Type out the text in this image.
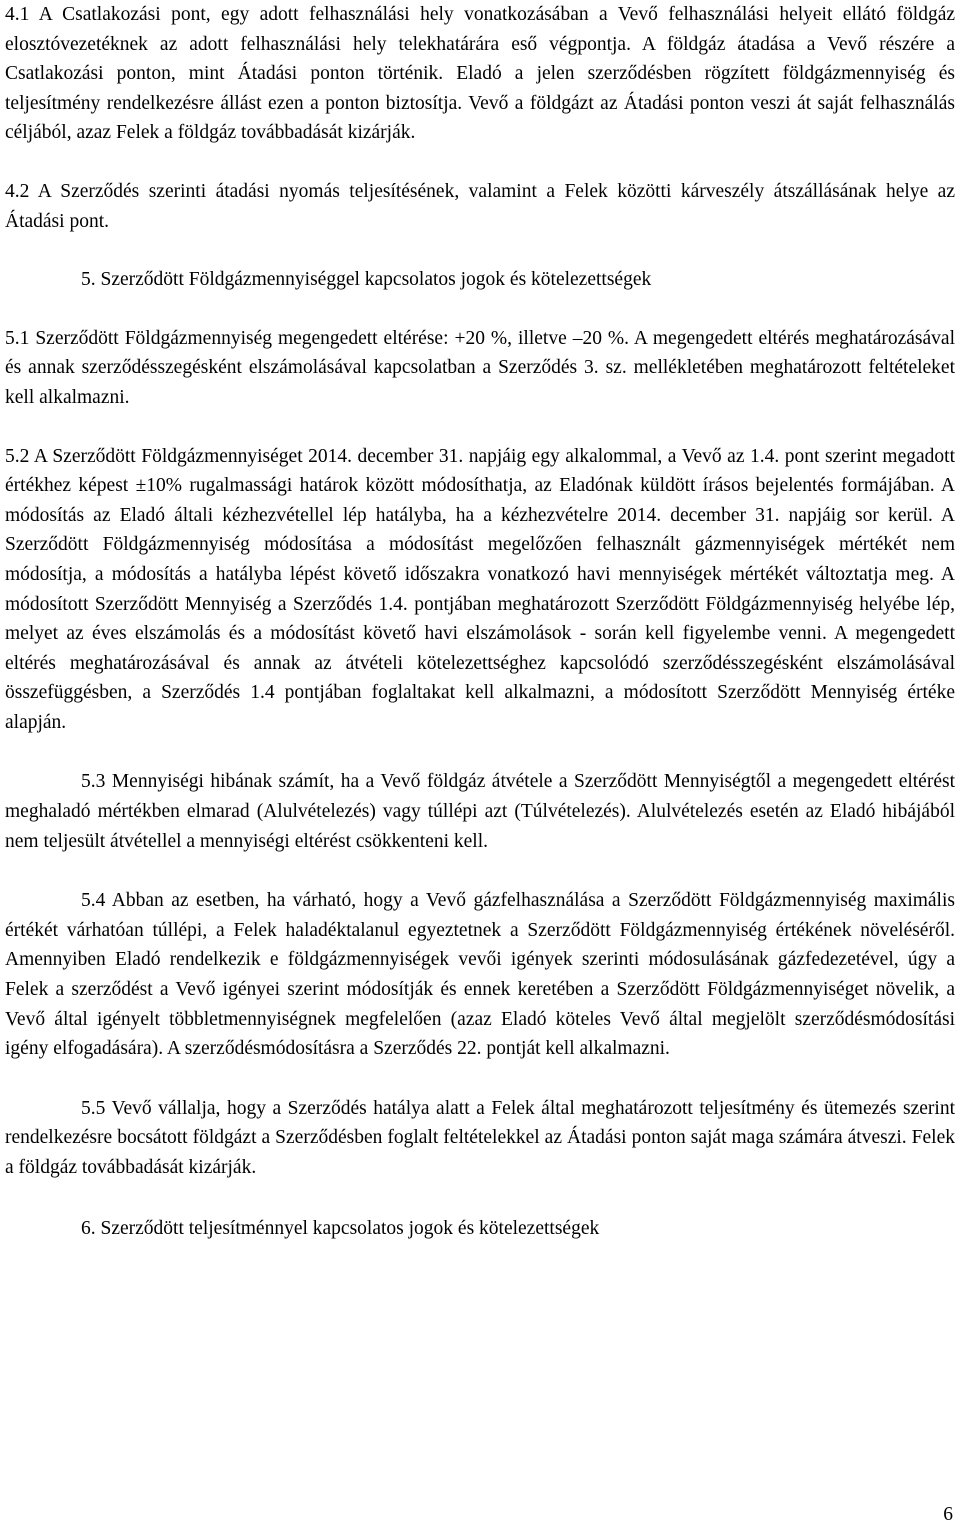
4.1 A Csatlakozási pont, egy adott felhasználási hely vonatkozásában a Vevő felhasználási helyeit ellátó földgáz elosztóvezetéknek az adott felhasználási hely telekhatárára eső végpontja. A földgáz átadása a Vevő részére a Csatlakozási ponton, mint Átadási ponton történik. Eladó a jelen szerződésben rögzített földgázmennyiség és teljesítmény rendelkezésre állást ezen a ponton biztosítja. Vevő a földgázt az Átadási ponton veszi át saját felhasználás céljából, azaz Felek a földgáz továbbadását kizárják.

4.2 A Szerződés szerinti átadási nyomás teljesítésének, valamint a Felek közötti kárveszély átszállásának helye az Átadási pont.

5. Szerződött Földgázmennyiséggel kapcsolatos jogok és kötelezettségek

5.1 Szerződött Földgázmennyiség megengedett eltérése: +20 %, illetve –20 %. A megengedett eltérés meghatározásával és annak szerződésszegésként elszámolásával kapcsolatban a Szerződés 3. sz. mellékletében meghatározott feltételeket kell alkalmazni.

5.2 A Szerződött Földgázmennyiséget 2014. december 31. napjáig egy alkalommal, a Vevő az 1.4. pont szerint megadott értékhez képest ±10% rugalmassági határok között módosíthatja, az Eladónak küldött írásos bejelentés formájában. A módosítás az Eladó általi kézhezvétellel lép hatályba, ha a kézhezvételre 2014. december 31. napjáig sor kerül. A Szerződött Földgázmennyiség módosítása a módosítást megelőzően felhasznált gázmennyiségek mértékét nem módosítja, a módosítás a hatályba lépést követő időszakra vonatkozó havi mennyiségek mértékét változtatja meg. A módosított Szerződött Mennyiség a Szerződés 1.4. pontjában meghatározott Szerződött Földgázmennyiség helyébe lép, melyet az éves elszámolás és a módosítást követő havi elszámolások - során kell figyelembe venni. A megengedett eltérés meghatározásával és annak az átvételi kötelezettséghez kapcsolódó szerződésszegésként elszámolásával összefüggésben, a Szerződés 1.4 pontjában foglaltakat kell alkalmazni, a módosított Szerződött Mennyiség értéke alapján.

5.3 Mennyiségi hibának számít, ha a Vevő földgáz átvétele a Szerződött Mennyiségtől a megengedett eltérést meghaladó mértékben elmarad (Alulvételezés) vagy túllépi azt (Túlvételezés). Alulvételezés esetén az Eladó hibájából nem teljesült átvétellel a mennyiségi eltérést csökkenteni kell.

5.4 Abban az esetben, ha várható, hogy a Vevő gázfelhasználása a Szerződött Földgázmennyiség maximális értékét várhatóan túllépi, a Felek haladéktalanul egyeztetnek a Szerződött Földgázmennyiség értékének növeléséről. Amennyiben Eladó rendelkezik e földgázmennyiségek vevői igények szerinti módosulásának gázfedezetével, úgy a Felek a szerződést a Vevő igényei szerint módosítják és ennek keretében a Szerződött Földgázmennyiséget növelik, a Vevő által igényelt többletmennyiségnek megfelelően (azaz Eladó köteles Vevő által megjelölt szerződésmódosítási igény elfogadására). A szerződésmódosításra a Szerződés 22. pontját kell alkalmazni.

5.5 Vevő vállalja, hogy a Szerződés hatálya alatt a Felek által meghatározott teljesítmény és ütemezés szerint rendelkezésre bocsátott földgázt a Szerződésben foglalt feltételekkel az Átadási ponton saját maga számára átveszi. Felek a földgáz továbbadását kizárják.

6. Szerződött teljesítménnyel kapcsolatos jogok és kötelezettségek

6
